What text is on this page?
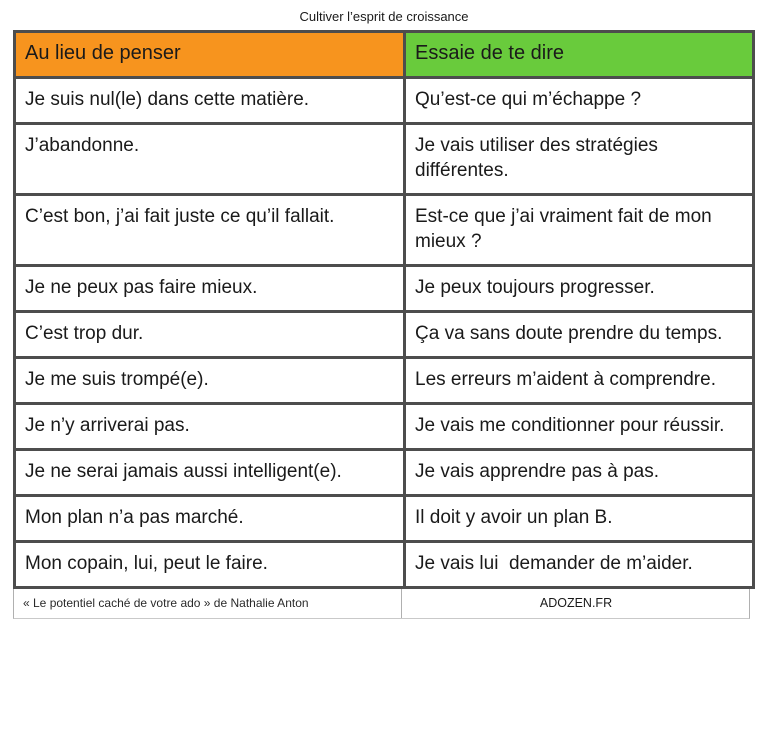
Cultiver l’esprit de croissance
Au lieu de penser	Essaie de te dire
Je suis nul(le) dans cette matière.	Qu’est-ce qui m’échappe ?
J’abandonne.	Je vais utiliser des stratégies différentes.
C’est bon, j’ai fait juste ce qu’il fallait.	Est-ce que j’ai vraiment fait de mon mieux ?
Je ne peux pas faire mieux.	Je peux toujours progresser.
C’est trop dur.	Ça va sans doute prendre du temps.
Je me suis trompé(e).	Les erreurs m’aident à comprendre.
Je n’y arriverai pas.	Je vais me conditionner pour réussir.
Je ne serai jamais aussi intelligent(e).	Je vais apprendre pas à pas.
Mon plan n’a pas marché.	Il doit y avoir un plan B.
Mon copain, lui, peut le faire.	Je vais lui  demander de m’aider.
« Le potentiel caché de votre ado » de Nathalie Anton	ADOZEN.FR
